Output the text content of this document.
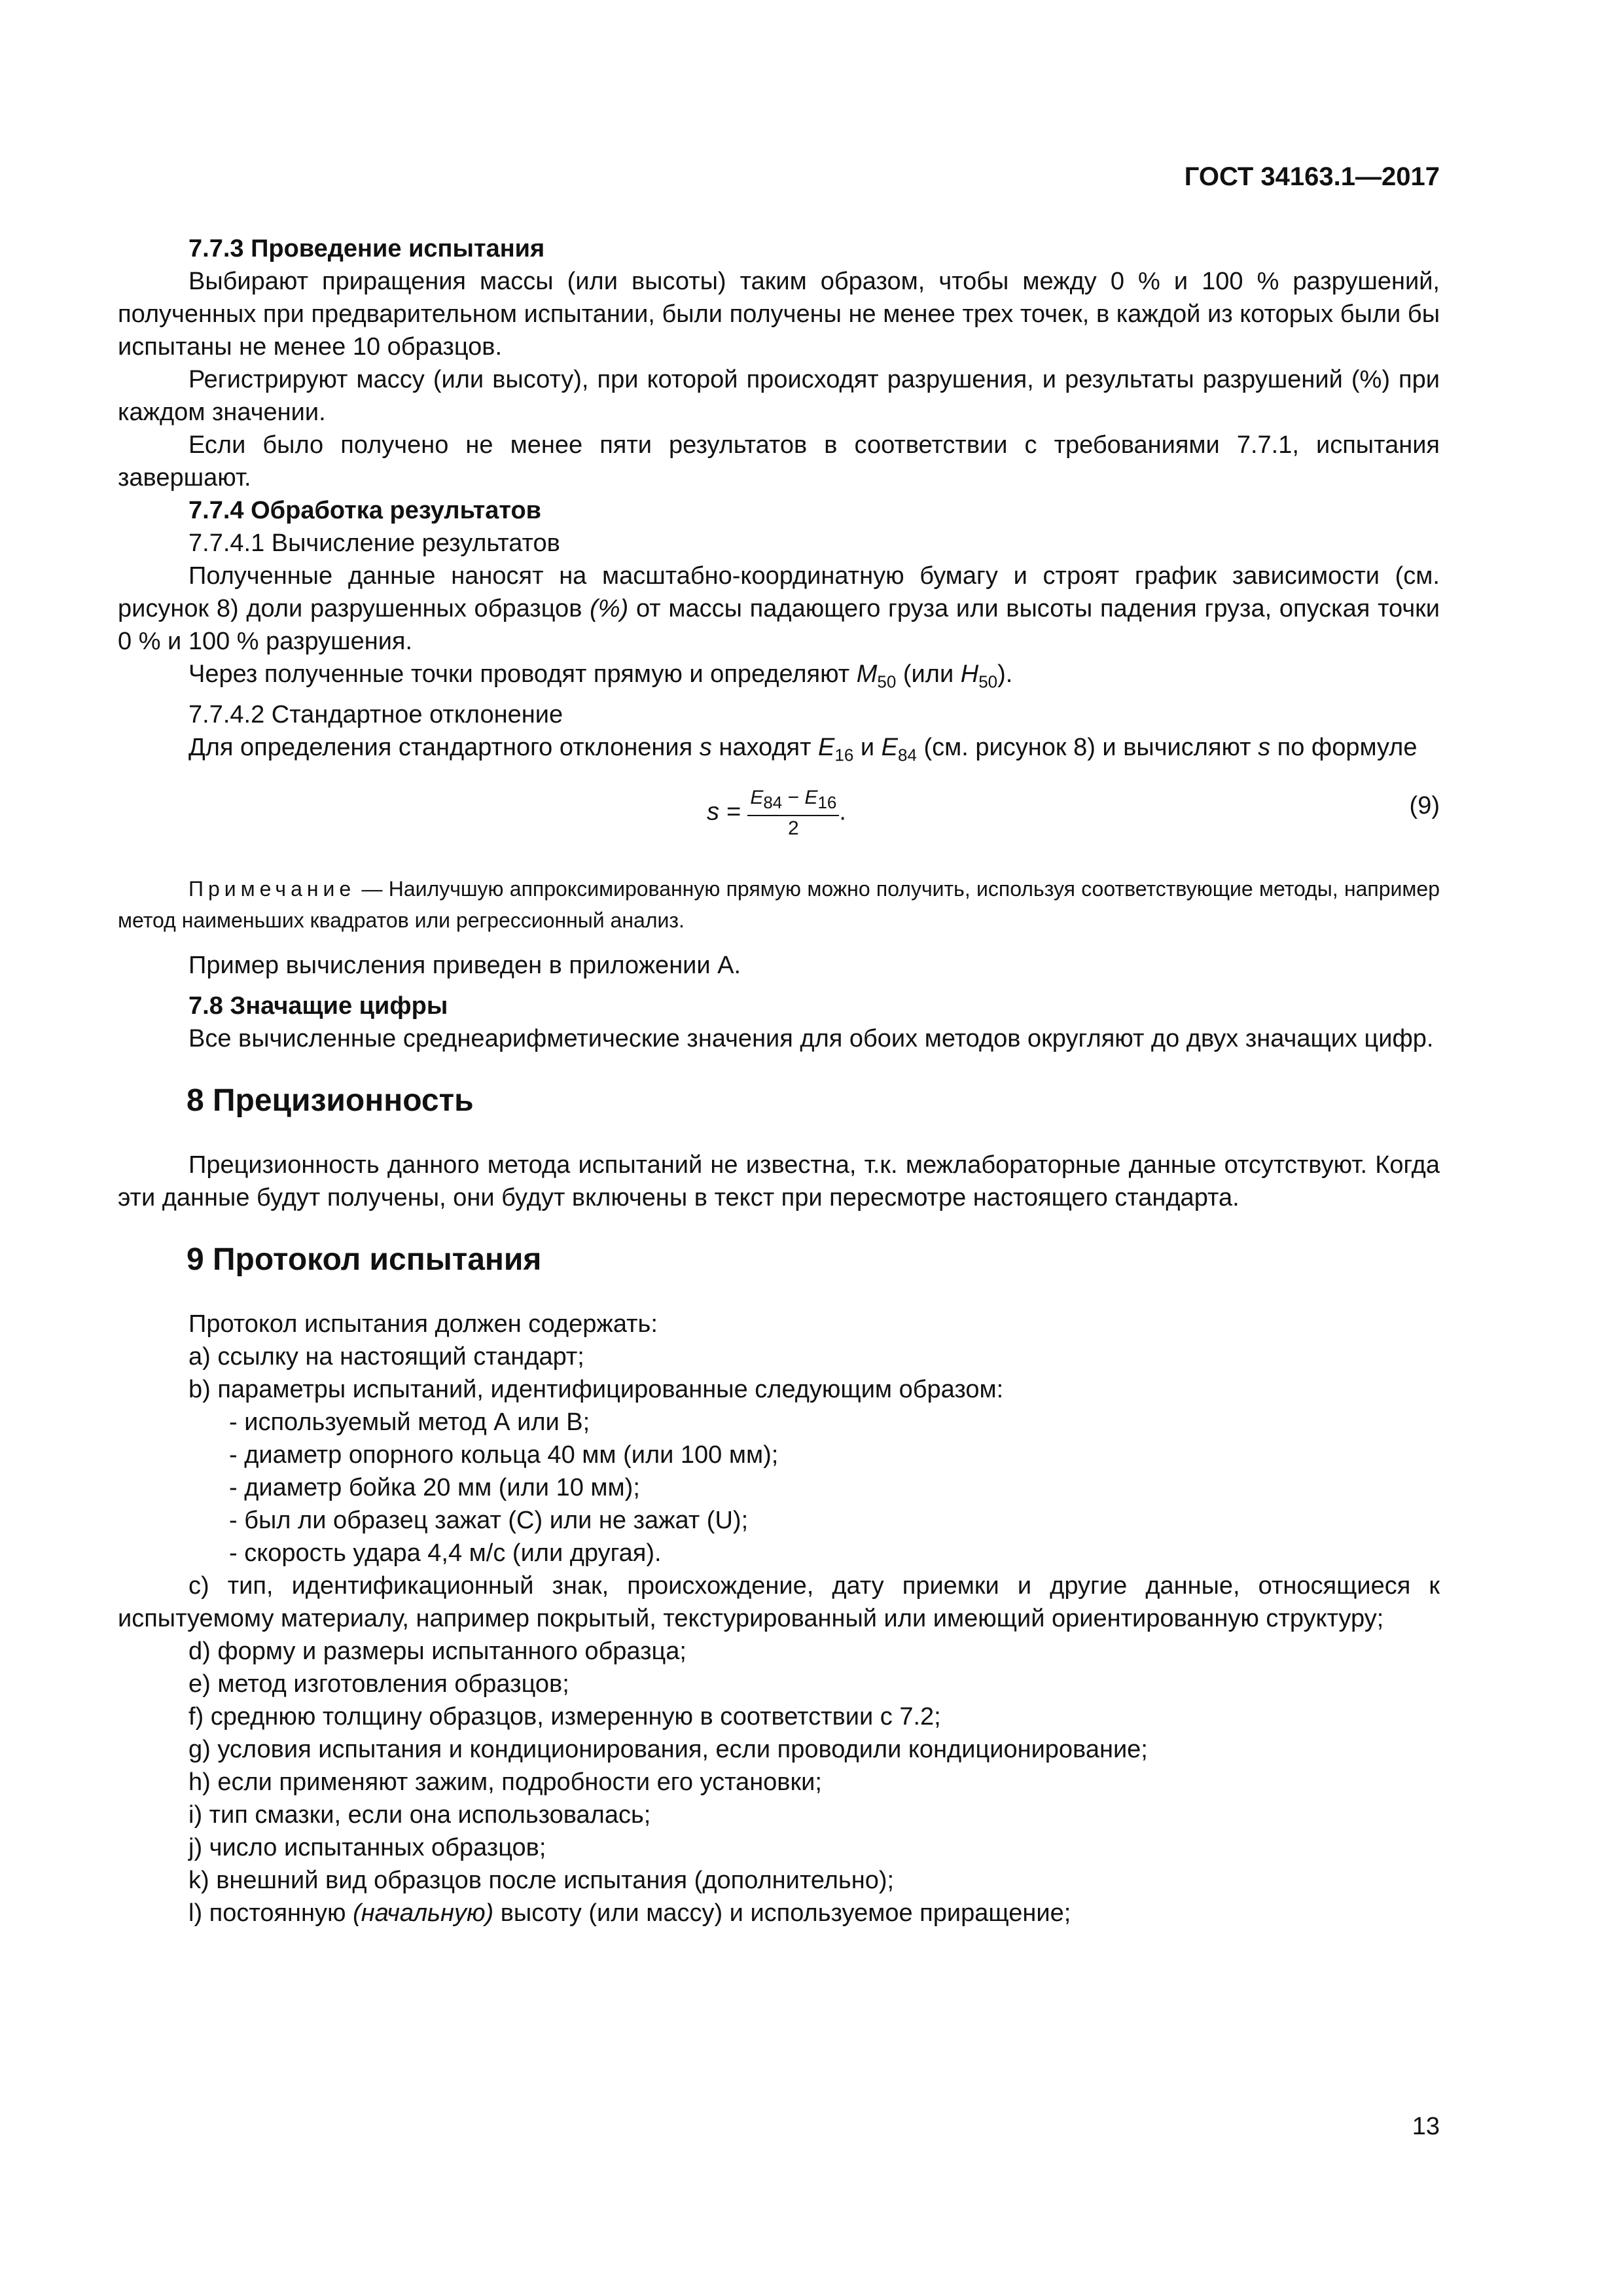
ГОСТ 34163.1—2017

7.7.3 Проведение испытания

Выбирают приращения массы (или высоты) таким образом, чтобы между 0 % и 100 % разрушений, полученных при предварительном испытании, были получены не менее трех точек, в каждой из которых были бы испытаны не менее 10 образцов.

Регистрируют массу (или высоту), при которой происходят разрушения, и результаты разрушений (%) при каждом значении.

Если было получено не менее пяти результатов в соответствии с требованиями 7.7.1, испытания завершают.

7.7.4 Обработка результатов

7.7.4.1 Вычисление результатов

Полученные данные наносят на масштабно-координатную бумагу и строят график зависимости (см. рисунок 8) доли разрушенных образцов (%) от массы падающего груза или высоты падения груза, опуская точки 0 % и 100 % разрушения.

Через полученные точки проводят прямую и определяют $M_{50}$ (или $H_{50}$).

7.7.4.2 Стандартное отклонение

Для определения стандартного отклонения s находят $E_{16}$ и $E_{84}$ (см. рисунок 8) и вычисляют s по формуле

$s = \frac{E_{84} - E_{16}}{2}$ .	(9)

Примечание — Наилучшую аппроксимированную прямую можно получить, используя соответствующие методы, например метод наименьших квадратов или регрессионный анализ.

Пример вычисления приведен в приложении А.

7.8 Значащие цифры

Все вычисленные среднеарифметические значения для обоих методов округляют до двух значащих цифр.

8 Прецизионность

Прецизионность данного метода испытаний не известна, т.к. межлабораторные данные отсутствуют. Когда эти данные будут получены, они будут включены в текст при пересмотре настоящего стандарта.

9 Протокол испытания

Протокол испытания должен содержать:

a) ссылку на настоящий стандарт;

b) параметры испытаний, идентифицированные следующим образом:

- используемый метод А или В;

- диаметр опорного кольца 40 мм (или 100 мм);

- диаметр бойка 20 мм (или 10 мм);

- был ли образец зажат (С) или не зажат (U);

- скорость удара 4,4 м/с (или другая).

c) тип, идентификационный знак, происхождение, дату приемки и другие данные, относящиеся к испытуемому материалу, например покрытый, текстурированный или имеющий ориентированную структуру;

d) форму и размеры испытанного образца;

e) метод изготовления образцов;

f) среднюю толщину образцов, измеренную в соответствии с 7.2;

g) условия испытания и кондиционирования, если проводили кондиционирование;

h) если применяют зажим, подробности его установки;

i) тип смазки, если она использовалась;

j) число испытанных образцов;

k) внешний вид образцов после испытания (дополнительно);

l) постоянную (начальную) высоту (или массу) и используемое приращение;

13
